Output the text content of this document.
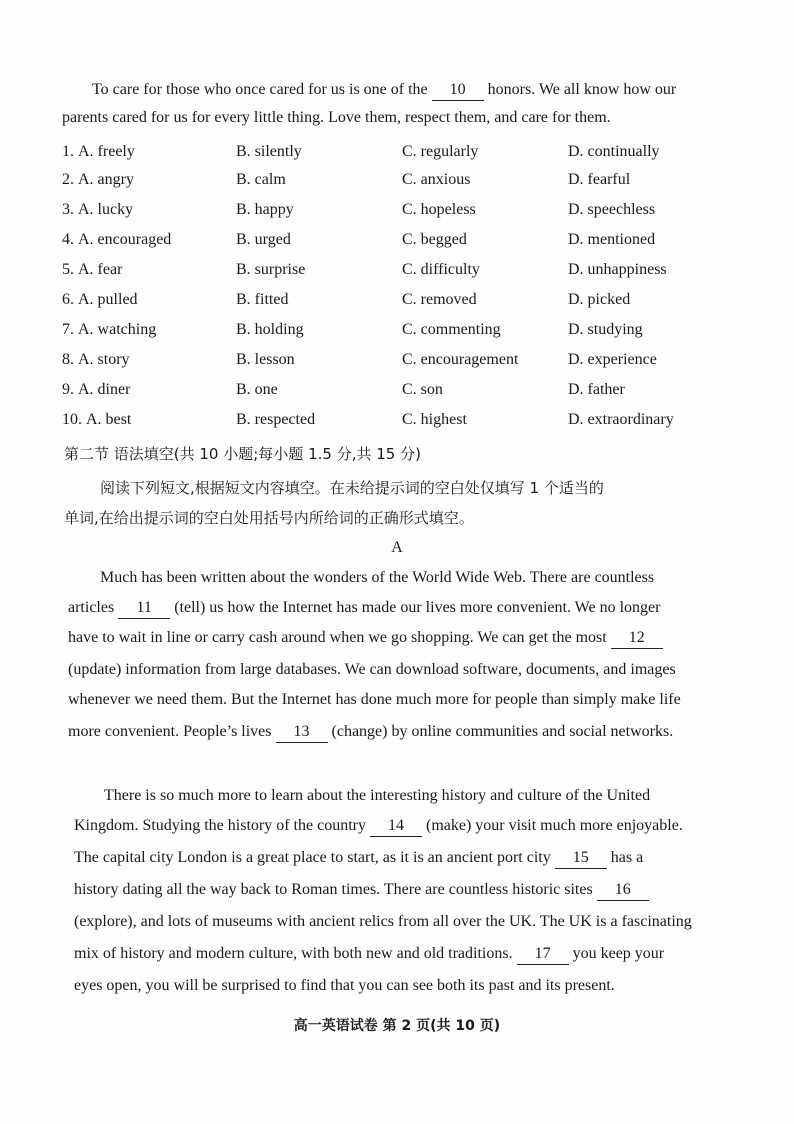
To care for those who once cared for us is one of the 10 honors. We all know how our
parents cared for us for every little thing. Love them, respect them, and care for them.
1. A. freely	B. silently	C. regularly	D. continually
2. A. angry	B. calm	C. anxious	D. fearful
3. A. lucky	B. happy	C. hopeless	D. speechless
4. A. encouraged	B. urged	C. begged	D. mentioned
5. A. fear	B. surprise	C. difficulty	D. unhappiness
6. A. pulled	B. fitted	C. removed	D. picked
7. A. watching	B. holding	C. commenting	D. studying
8. A. story	B. lesson	C. encouragement	D. experience
9. A. diner	B. one	C. son	D. father
10. A. best	B. respected	C. highest	D. extraordinary
第二节 语法填空(共 10 小题;每小题 1.5 分,共 15 分)
阅读下列短文,根据短文内容填空。在未给提示词的空白处仅填写 1 个适当的
单词,在给出提示词的空白处用括号内所给词的正确形式填空。
A
Much has been written about the wonders of the World Wide Web. There are countless
articles 11 (tell) us how the Internet has made our lives more convenient. We no longer
have to wait in line or carry cash around when we go shopping. We can get the most 12
(update) information from large databases. We can download software, documents, and images
whenever we need them. But the Internet has done much more for people than simply make life
more convenient. People’s lives 13 (change) by online communities and social networks.
There is so much more to learn about the interesting history and culture of the United
Kingdom. Studying the history of the country 14 (make) your visit much more enjoyable.
The capital city London is a great place to start, as it is an ancient port city 15 has a
history dating all the way back to Roman times. There are countless historic sites 16
(explore), and lots of museums with ancient relics from all over the UK. The UK is a fascinating
mix of history and modern culture, with both new and old traditions. 17 you keep your
eyes open, you will be surprised to find that you can see both its past and its present.
高一英语试卷 第 2 页(共 10 页)
